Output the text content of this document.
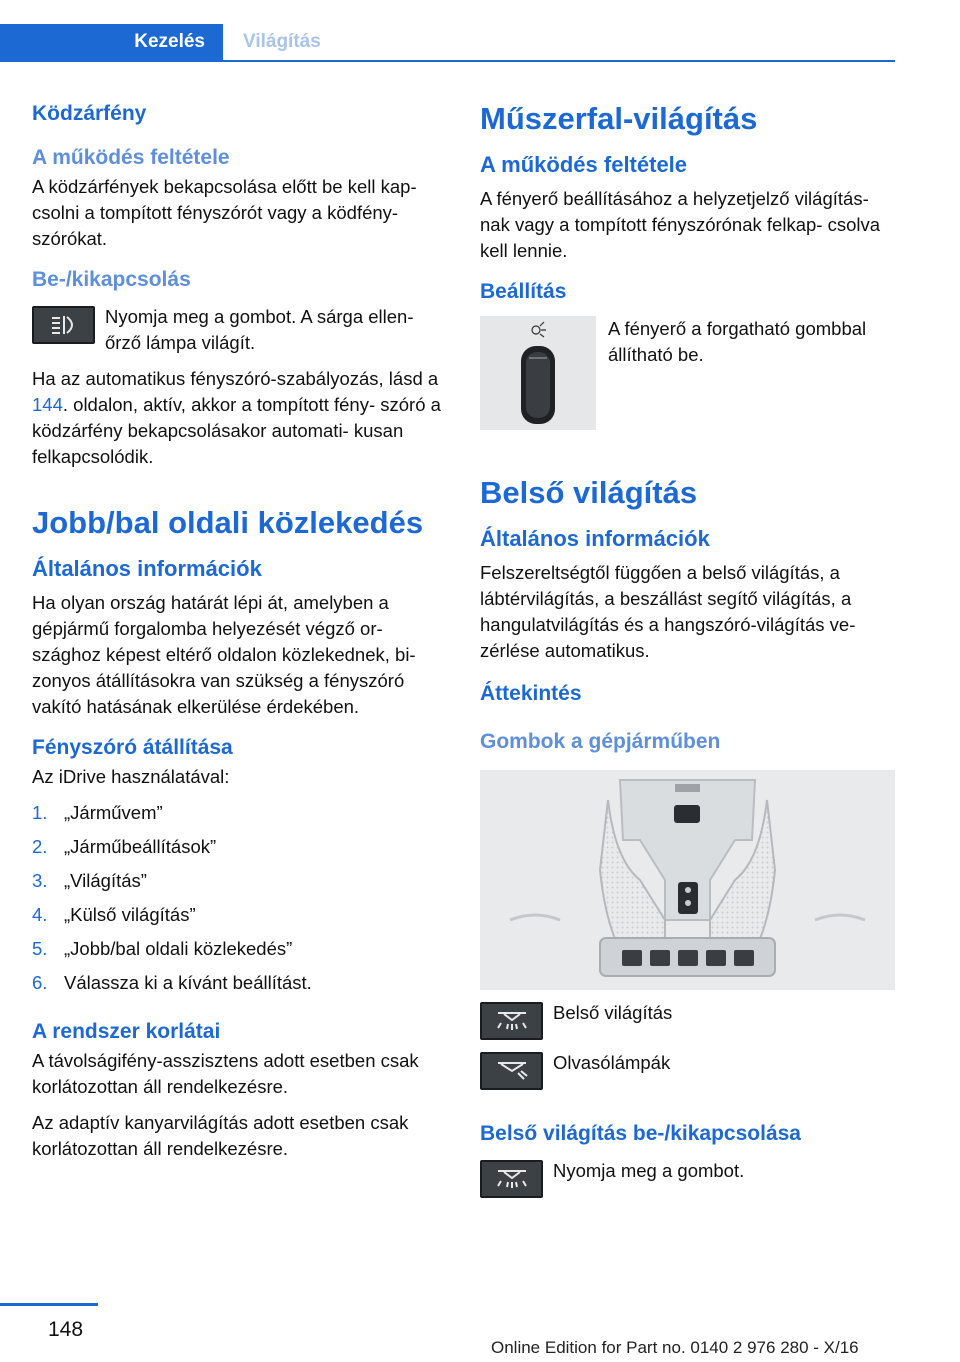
Kezelés	Világítás
Ködzárfény
A működés feltétele

A ködzárfények bekapcsolása előtt be kell kap- csolni a tompított fényszórót vagy a ködfény- szórókat.

Be-/kikapcsolás

Nyomja meg a gombot. A sárga ellen- őrző lámpa világít.

Ha az automatikus fényszóró-szabályozás, lásd a 144. oldalon, aktív, akkor a tompított fény- szóró a ködzárfény bekapcsolásakor automati- kusan felkapcsolódik.

Jobb/bal oldali közlekedés
Általános információk

Ha olyan ország határát lépi át, amelyben a gépjármű forgalomba helyezését végző or- szághoz képest eltérő oldalon közlekednek, bi- zonyos átállításokra van szükség a fényszóró vakító hatásának elkerülése érdekében.

Fényszóró átállítása

Az iDrive használatával:

1. „Járművem”
2. „Járműbeállítások”
3. „Világítás”
4. „Külső világítás”
5. „Jobb/bal oldali közlekedés”
6. Válassza ki a kívánt beállítást.
A rendszer korlátai

A távolságifény-asszisztens adott esetben csak korlátozottan áll rendelkezésre.

Az adaptív kanyarvilágítás adott esetben csak korlátozottan áll rendelkezésre.

Műszerfal-világítás
A működés feltétele

A fényerő beállításához a helyzetjelző világítás- nak vagy a tompított fényszórónak felkap- csolva kell lennie.

Beállítás

A fényerő a forgatható gombbal állítható be.

Belső világítás
Általános információk

Felszereltségtől függően a belső világítás, a lábtérvilágítás, a beszállást segítő világítás, a hangulatvilágítás és a hangszóró-világítás ve- zérlése automatikus.

Áttekintés
Gombok a gépjárműben

Belső világítás

Olvasólámpák

Belső világítás be-/kikapcsolása

Nyomja meg a gombot.

148
Online Edition for Part no. 0140 2 976 280 - X/16
